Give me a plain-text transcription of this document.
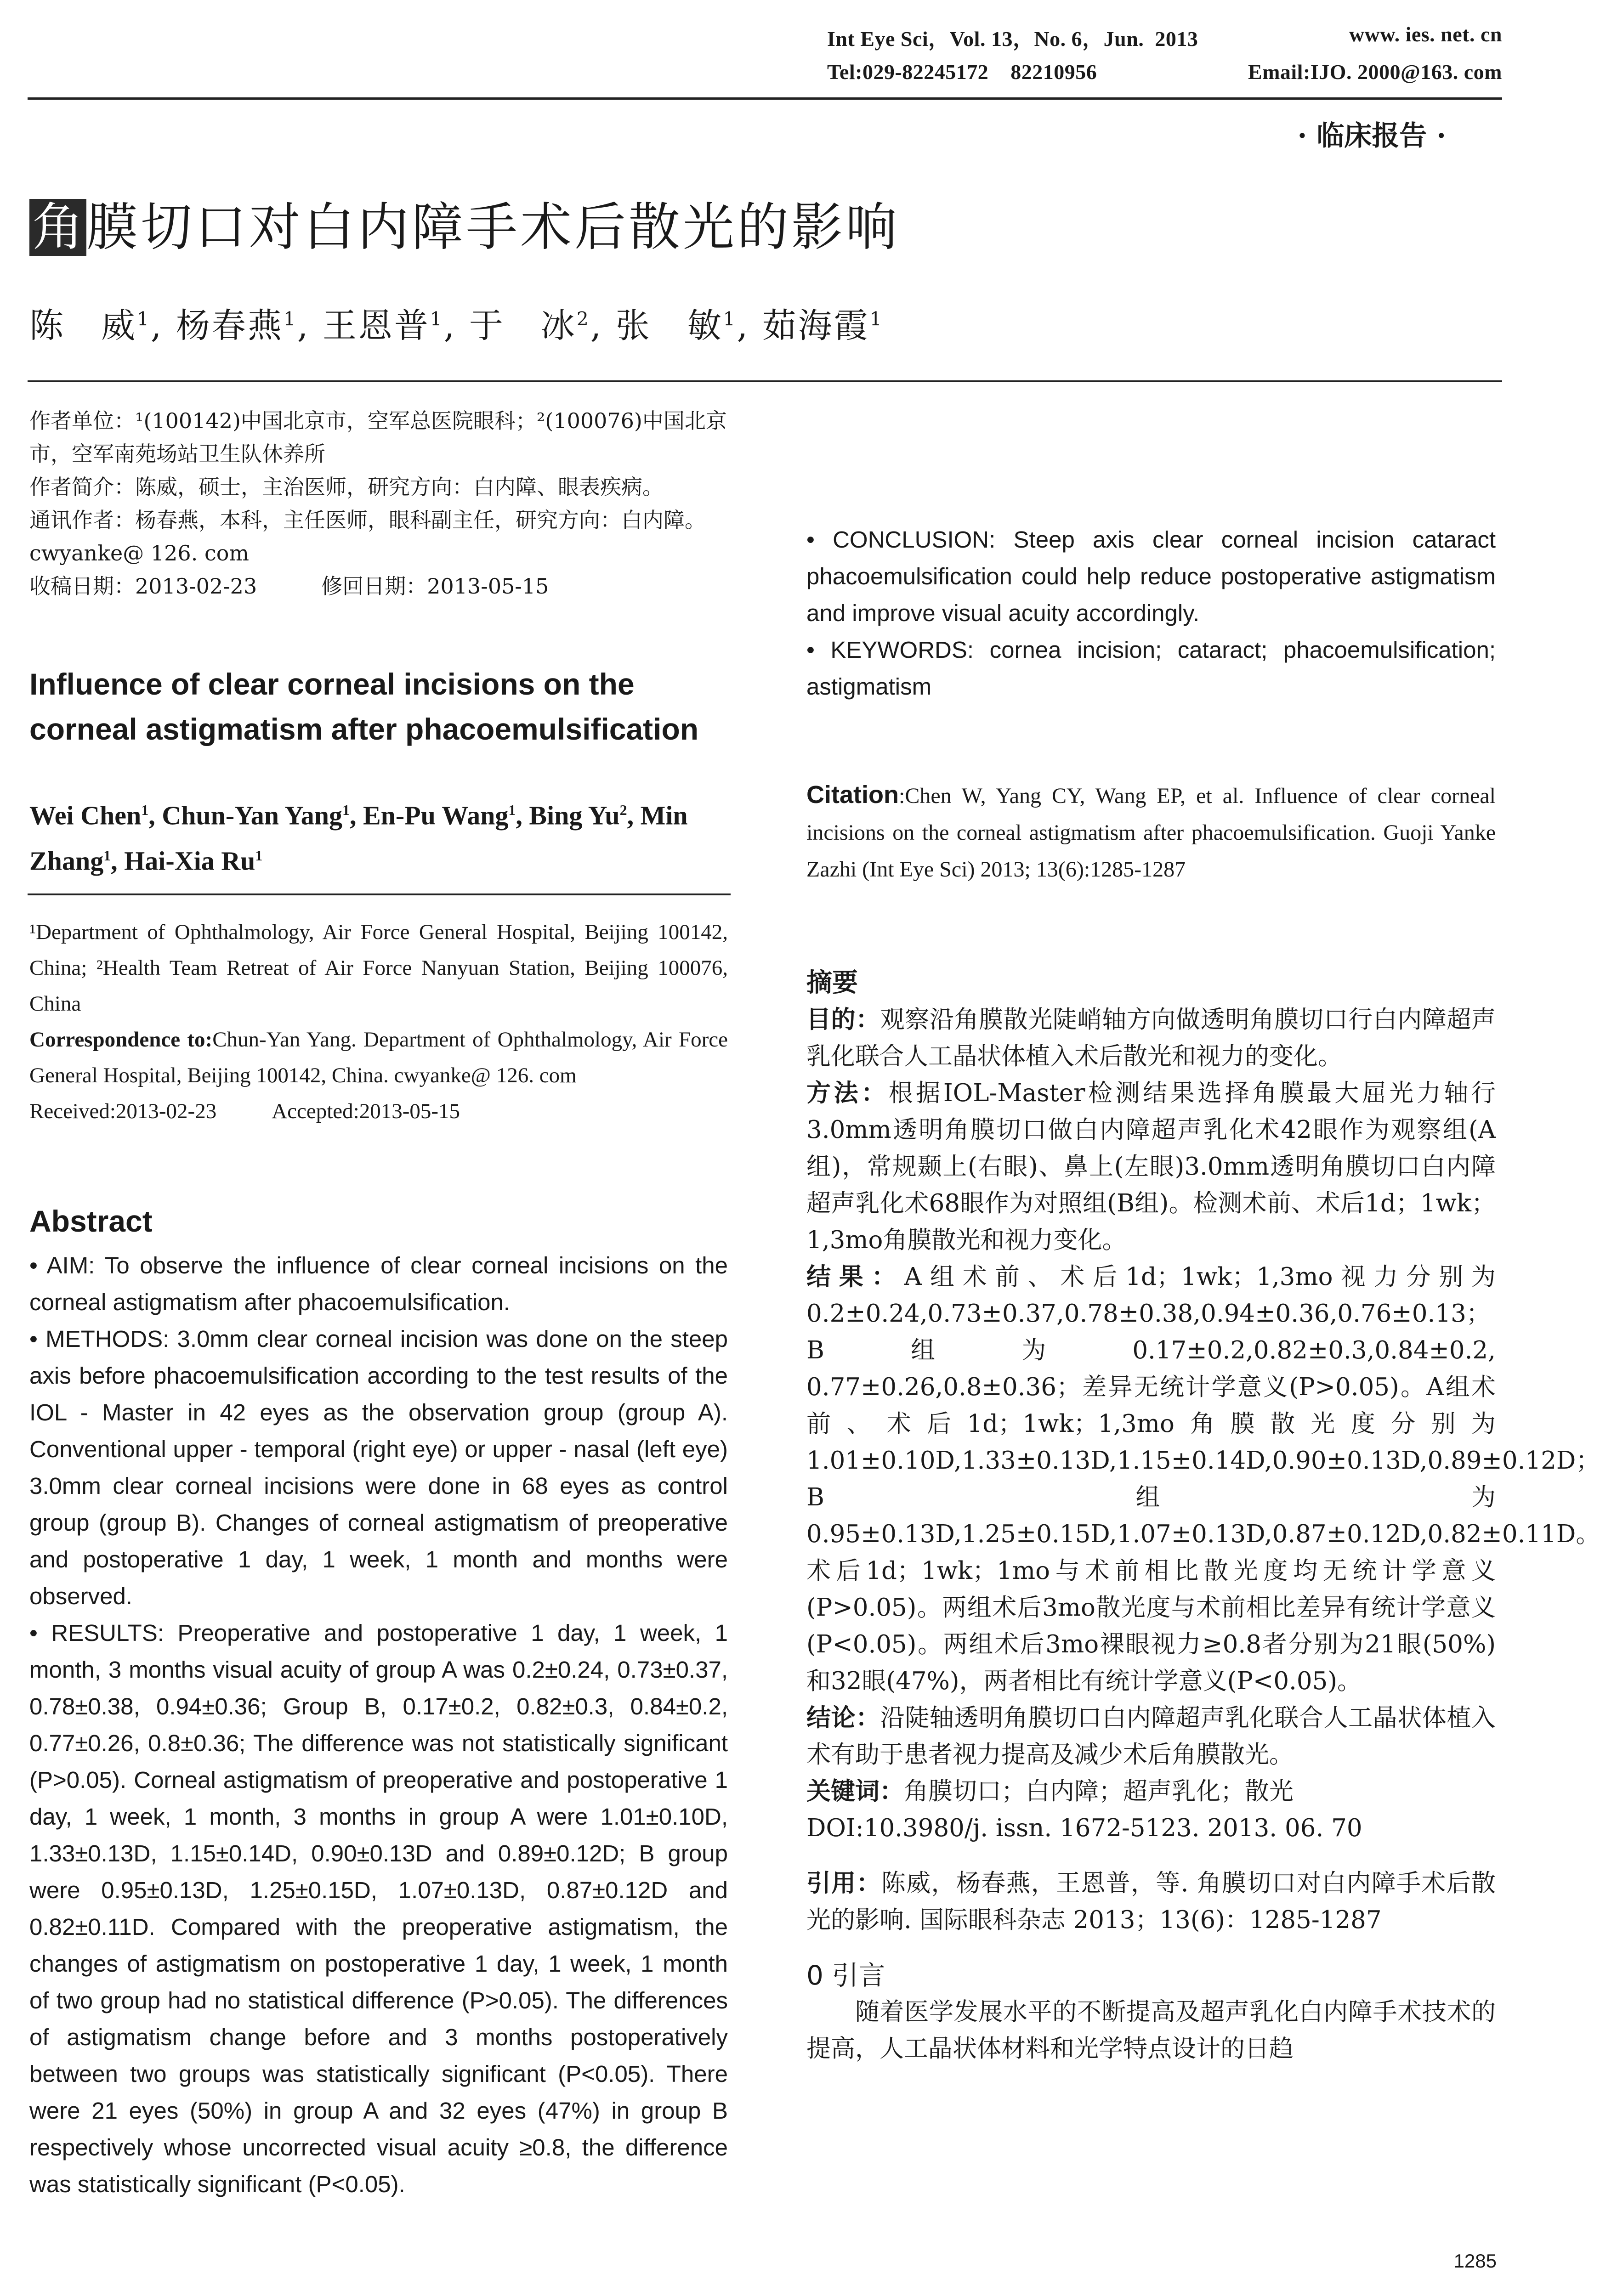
Int Eye Sci，Vol. 13，No. 6，Jun.  2013	www. ies. net. cn
Tel:029-82245172    82210956	Email:IJO. 2000@163. com
· 临床报告 ·
角 膜切口对白内障手术后散光的影响
陈　威$^1$, 杨春燕$^1$, 王恩普$^1$, 于　冰$^2$, 张　敏$^1$, 茹海霞$^1$

作者单位：¹(100142)中国北京市，空军总医院眼科；²(100076)中国北京市，空军南苑场站卫生队休养所

作者简介：陈威，硕士，主治医师，研究方向：白内障、眼表疾病。

通讯作者：杨春燕，本科，主任医师，眼科副主任，研究方向：白内障。cwyanke@ 126. com

收稿日期：2013-02-23	修回日期：2013-05-15

Influence of clear corneal incisions on the corneal astigmatism after phacoemulsification
Wei Chen$^1$, Chun-Yan Yang$^1$, En-Pu Wang$^1$, Bing Yu$^2$, Min Zhang$^1$, Hai-Xia Ru$^1$

¹Department of Ophthalmology, Air Force General Hospital, Beijing 100142, China; ²Health Team Retreat of Air Force Nanyuan Station, Beijing 100076, China

Correspondence to:Chun-Yan Yang. Department of Ophthalmology, Air Force General Hospital, Beijing 100142, China. cwyanke@ 126. com

Received:2013-02-23	Accepted:2013-05-15

Abstract

• AIM: To observe the influence of clear corneal incisions on the corneal astigmatism after phacoemulsification.

• METHODS: 3.0mm clear corneal incision was done on the steep axis before phacoemulsification according to the test results of the IOL - Master in 42 eyes as the observation group (group A). Conventional upper - temporal (right eye) or upper - nasal (left eye) 3.0mm clear corneal incisions were done in 68 eyes as control group (group B). Changes of corneal astigmatism of preoperative and postoperative 1 day, 1 week, 1 month and months were observed.

• RESULTS: Preoperative and postoperative 1 day, 1 week, 1 month, 3 months visual acuity of group A was 0.2±0.24, 0.73±0.37, 0.78±0.38, 0.94±0.36; Group B, 0.17±0.2, 0.82±0.3, 0.84±0.2, 0.77±0.26, 0.8±0.36; The difference was not statistically significant (P>0.05). Corneal astigmatism of preoperative and postoperative 1 day, 1 week, 1 month, 3 months in group A were 1.01±0.10D, 1.33±0.13D, 1.15±0.14D, 0.90±0.13D and 0.89±0.12D; B group were 0.95±0.13D, 1.25±0.15D, 1.07±0.13D, 0.87±0.12D and 0.82±0.11D. Compared with the preoperative astigmatism, the changes of astigmatism on postoperative 1 day, 1 week, 1 month of two group had no statistical difference (P>0.05). The differences of astigmatism change before and 3 months postoperatively between two groups was statistically significant (P<0.05). There were 21 eyes (50%) in group A and 32 eyes (47%) in group B respectively whose uncorrected visual acuity ≥0.8, the difference was statistically significant (P<0.05).

• CONCLUSION: Steep axis clear corneal incision cataract phacoemulsification could help reduce postoperative astigmatism and improve visual acuity accordingly.

• KEYWORDS: cornea incision; cataract; phacoemulsification; astigmatism

Citation:Chen W, Yang CY, Wang EP, et al. Influence of clear corneal incisions on the corneal astigmatism after phacoemulsification. Guoji Yanke Zazhi (Int Eye Sci) 2013; 13(6):1285-1287

摘要

目的：观察沿角膜散光陡峭轴方向做透明角膜切口行白内障超声乳化联合人工晶状体植入术后散光和视力的变化。

方法：根据IOL-Master检测结果选择角膜最大屈光力轴行3.0mm透明角膜切口做白内障超声乳化术42眼作为观察组(A组)，常规颞上(右眼)、鼻上(左眼)3.0mm透明角膜切口白内障超声乳化术68眼作为对照组(B组)。检测术前、术后1d；1wk；1,3mo角膜散光和视力变化。

结果：A组术前、术后1d；1wk；1,3mo视力分别为0.2±0.24,0.73±0.37,0.78±0.38,0.94±0.36,0.76±0.13；B组为0.17±0.2,0.82±0.3,0.84±0.2, 0.77±0.26,0.8±0.36；差异无统计学意义(P>0.05)。A组术前、术后1d；1wk；1,3mo角膜散光度分别为1.01±0.10D,1.33±0.13D,1.15±0.14D,0.90±0.13D,0.89±0.12D；B组为0.95±0.13D,1.25±0.15D,1.07±0.13D,0.87±0.12D,0.82±0.11D。术后1d；1wk；1mo与术前相比散光度均无统计学意义(P>0.05)。两组术后3mo散光度与术前相比差异有统计学意义(P<0.05)。两组术后3mo裸眼视力≥0.8者分别为21眼(50%)和32眼(47%)，两者相比有统计学意义(P<0.05)。

结论：沿陡轴透明角膜切口白内障超声乳化联合人工晶状体植入术有助于患者视力提高及减少术后角膜散光。

关键词：角膜切口；白内障；超声乳化；散光

DOI:10.3980/j. issn. 1672-5123. 2013. 06. 70

引用：陈威，杨春燕，王恩普，等. 角膜切口对白内障手术后散光的影响. 国际眼科杂志 2013；13(6)：1285-1287

0 引言

随着医学发展水平的不断提高及超声乳化白内障手术技术的提高，人工晶状体材料和光学特点设计的日趋

1285
